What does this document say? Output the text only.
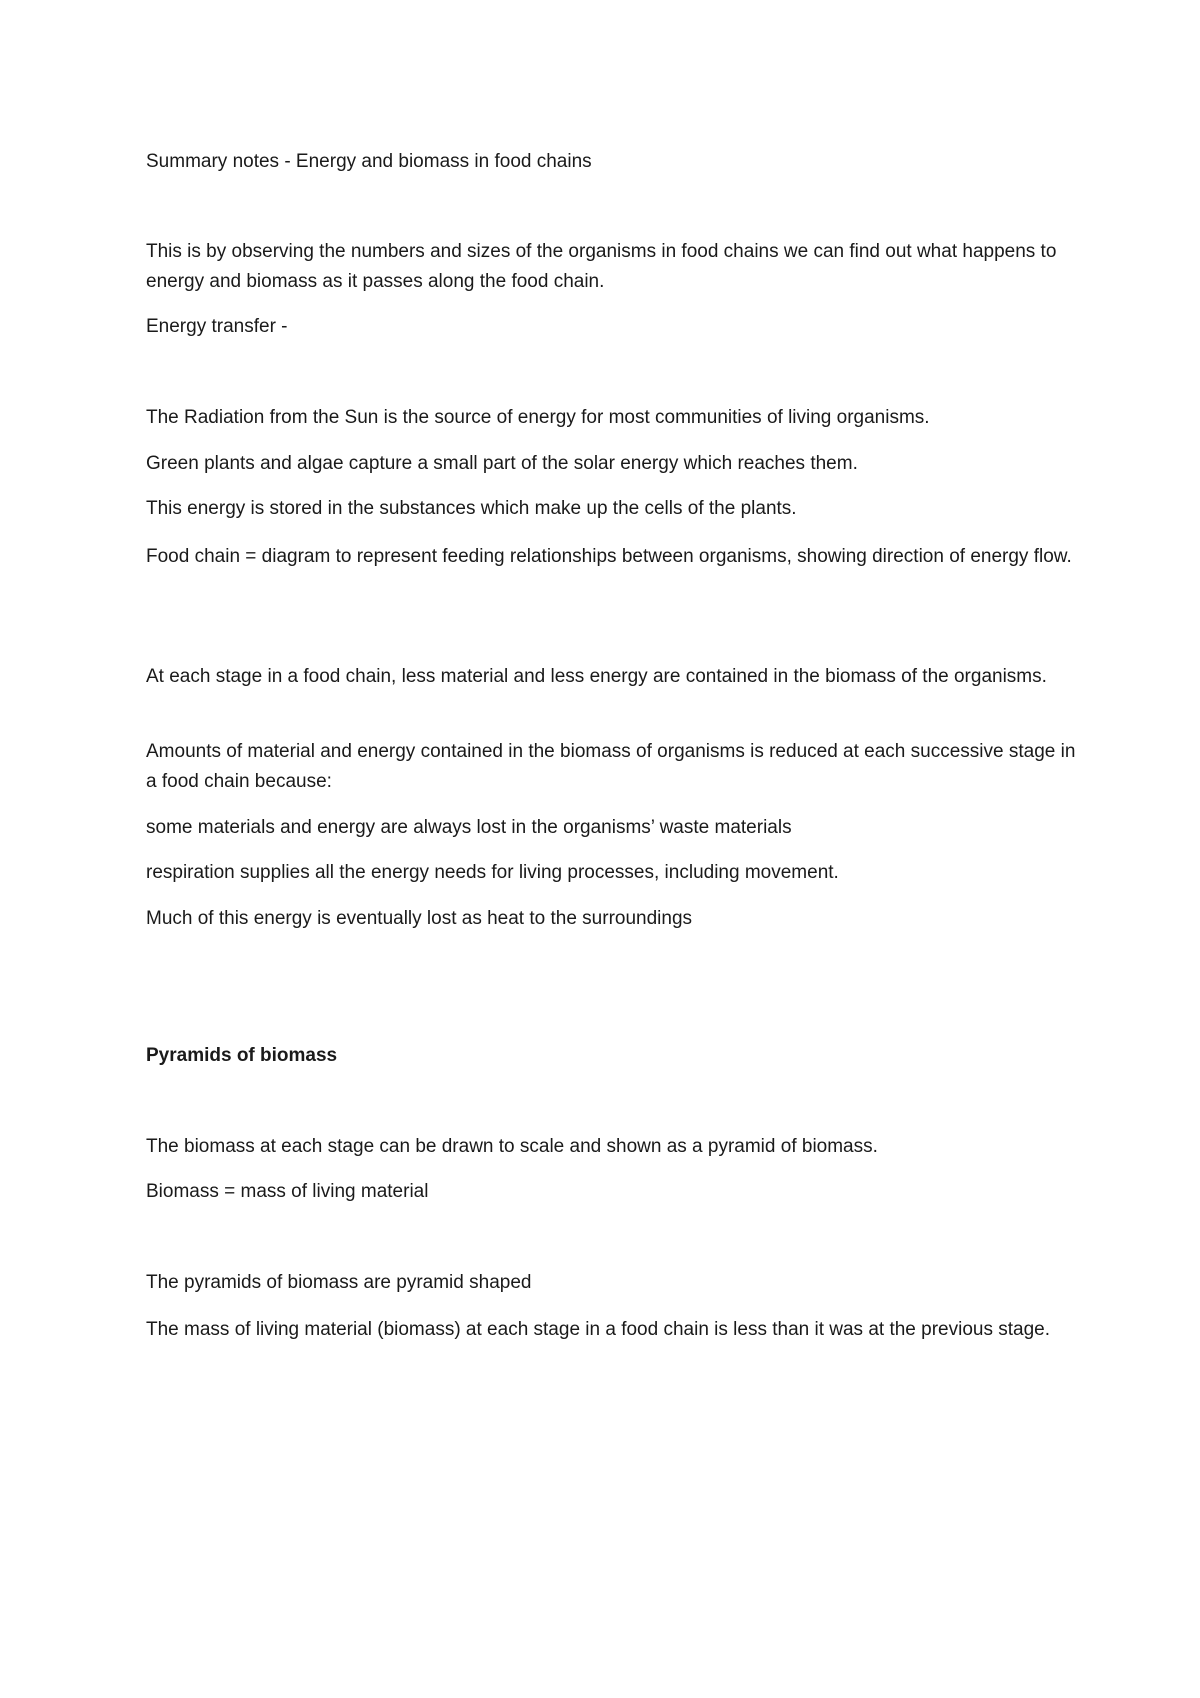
Summary notes - Energy and biomass in food chains
This is by observing the numbers and sizes of the organisms in food chains we can find out what happens to energy and biomass as it passes along the food chain.
Energy transfer -
The Radiation from the Sun is the source of energy for most communities of living organisms.
Green plants and algae capture a small part of the solar energy which reaches them.
This energy is stored in the substances which make up the cells of the plants.
Food chain = diagram to represent feeding relationships between organisms, showing direction of energy flow.
At each stage in a food chain, less material and less energy are contained in the biomass of the organisms.
Amounts of material and energy contained in the biomass of organisms is reduced at each successive stage in a food chain because:
some materials and energy are always lost in the organisms’ waste materials
respiration supplies all the energy needs for living processes, including movement.
Much of this energy is eventually lost as heat to the surroundings
Pyramids of biomass
The biomass at each stage can be drawn to scale and shown as a pyramid of biomass.
Biomass = mass of living material
The pyramids of biomass are pyramid shaped
The mass of living material (biomass) at each stage in a food chain is less than it was at the previous stage.
